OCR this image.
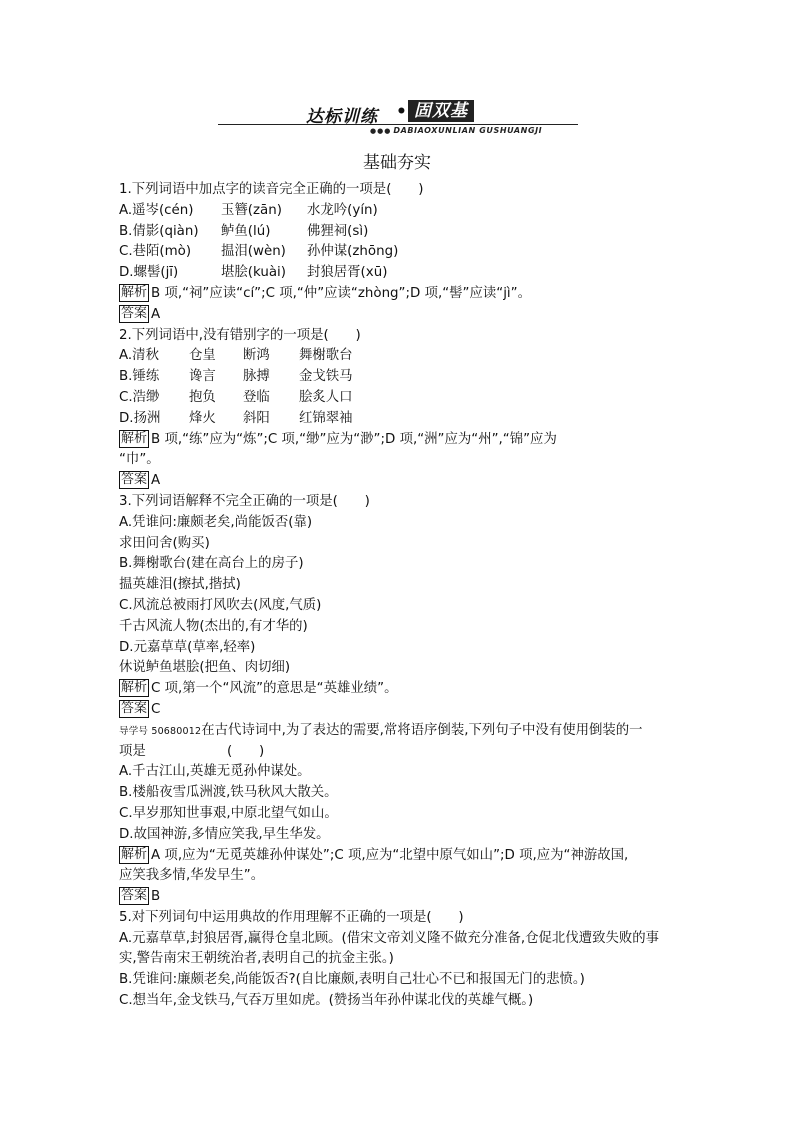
达标训练 • 固双基
●●● DABIAOXUNLIAN GUSHUANGJI
基础夯实
1.下列词语中加点字的读音完全正确的一项是(　　)
A.遥岑(cén) 玉簪(zān) 水龙吟(yín)
B.倩影(qiàn) 鲈鱼(lú)	佛狸祠(sì)
C.巷陌(mò) 揾泪(wèn) 孙仲谋(zhōng)
D.螺髻(jī)	堪脍(kuài) 封狼居胥(xū)
解析 B 项,“祠”应读“cí”;C 项,“仲”应读“zhòng”;D 项,“髻”应读“jì”。
答案 A
2.下列词语中,没有错别字的一项是(　　)
A.清秋 仓皇 断鸿 舞榭歌台
B.锤练 谗言 脉搏 金戈铁马
C.浩缈 抱负 登临 脍炙人口
D.扬洲 烽火 斜阳 红锦翠袖
解析 B 项,“练”应为“炼”;C 项,“缈”应为“渺”;D 项,“洲”应为“州”,“锦”应为
“巾”。
答案 A
3.下列词语解释不完全正确的一项是(　　)
A.凭谁问:廉颇老矣,尚能饭否(靠)
求田问舍(购买)
B.舞榭歌台(建在高台上的房子)
揾英雄泪(擦拭,揩拭)
C.风流总被雨打风吹去(风度,气质)
千古风流人物(杰出的,有才华的)
D.元嘉草草(草率,轻率)
休说鲈鱼堪脍(把鱼、肉切细)
解析 C 项,第一个“风流”的意思是“英雄业绩”。
答案 C
导学号 50680012在古代诗词中,为了表达的需要,常将语序倒装,下列句子中没有使用倒装的一
项是	(　　)
A.千古江山,英雄无觅孙仲谋处。
B.楼船夜雪瓜洲渡,铁马秋风大散关。
C.早岁那知世事艰,中原北望气如山。
D.故国神游,多情应笑我,早生华发。
解析 A 项,应为“无觅英雄孙仲谋处”;C 项,应为“北望中原气如山”;D 项,应为“神游故国,
应笑我多情,华发早生”。
答案 B
5.对下列词句中运用典故的作用理解不正确的一项是(　　)
A.元嘉草草,封狼居胥,赢得仓皇北顾。(借宋文帝刘义隆不做充分准备,仓促北伐遭致失败的事
实,警告南宋王朝统治者,表明自己的抗金主张。)
B.凭谁问:廉颇老矣,尚能饭否?(自比廉颇,表明自己壮心不已和报国无门的悲愤。)
C.想当年,金戈铁马,气吞万里如虎。(赞扬当年孙仲谋北伐的英雄气概。)
